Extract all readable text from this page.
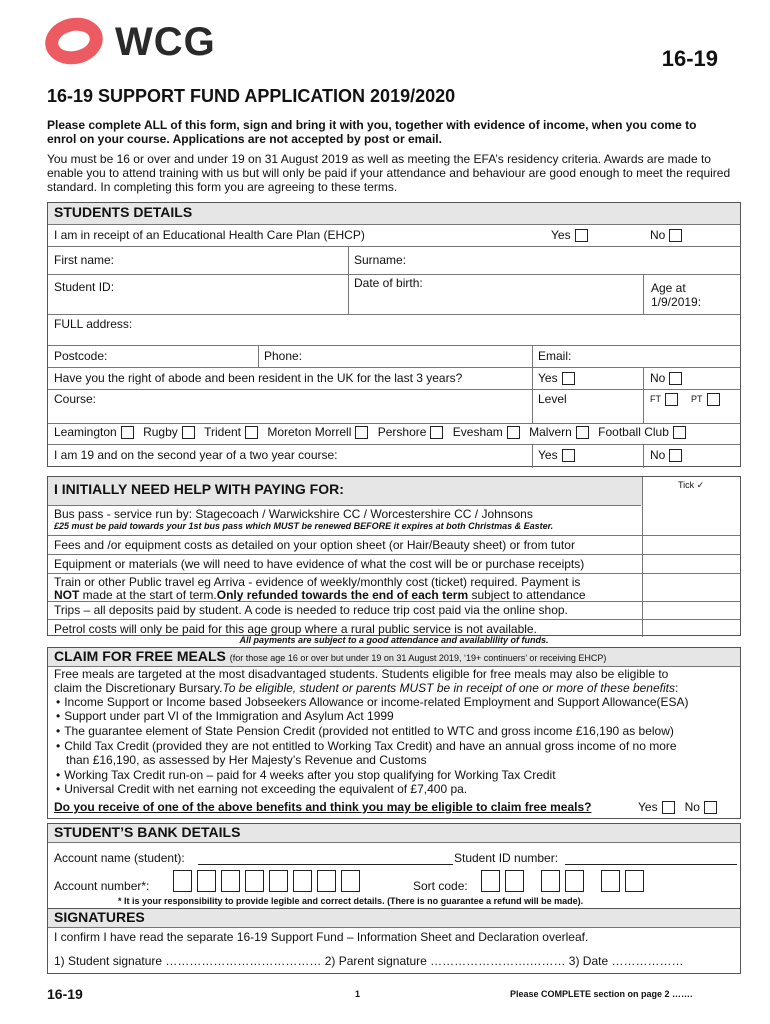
WCG	16-19
16-19 SUPPORT FUND APPLICATION 2019/2020
Please complete ALL of this form, sign and bring it with you, together with evidence of income, when you come to enrol on your course. Applications are not accepted by post or email.
You must be 16 or over and under 19 on 31 August 2019 as well as meeting the EFA’s residency criteria. Awards are made to enable you to attend training with us but will only be paid if your attendance and behaviour are good enough to meet the required standard. In completing this form you are agreeing to these terms.
STUDENTS DETAILS
I am in receipt of an Educational Health Care Plan (EHCP)	Yes	No
First name:	Surname:
Student ID:	Date of birth:	Age at 1/9/2019:
FULL address:
Postcode:	Phone:	Email:
Have you the right of abode and been resident in the UK for the last 3 years?	Yes	No
Course:	Level	FT	PT
Leamington Rugby Trident Moreton Morrell Pershore Evesham Malvern Football Club
I am 19 and on the second year of a two year course:	Yes	No
I INITIALLY NEED HELP WITH PAYING FOR:	Tick ✓
Bus pass - service run by: Stagecoach / Warwickshire CC / Worcestershire CC / Johnsons
£25 must be paid towards your 1st bus pass which MUST be renewed BEFORE it expires at both Christmas & Easter.
Fees and /or equipment costs as detailed on your option sheet (or Hair/Beauty sheet) or from tutor
Equipment or materials (we will need to have evidence of what the cost will be or purchase receipts)
Train or other Public travel eg Arriva - evidence of weekly/monthly cost (ticket) required. Payment is
NOT made at the start of term.Only refunded towards the end of each term subject to attendance
Trips – all deposits paid by student. A code is needed to reduce trip cost paid via the online shop.
Petrol costs will only be paid for this age group where a rural public service is not available.
All payments are subject to a good attendance and availablility of funds.
CLAIM FOR FREE MEALS (for those age 16 or over but under 19 on 31 August 2019, ‘19+ continuers’ or receiving EHCP)
Free meals are targeted at the most disadvantaged students. Students eligible for free meals may also be eligible to
claim the Discretionary Bursary.To be eligible, student or parents MUST be in receipt of one or more of these benefits:
• Income Support or Income based Jobseekers Allowance or income-related Employment and Support Allowance(ESA)
• Support under part VI of the Immigration and Asylum Act 1999
• The guarantee element of State Pension Credit (provided not entitled to WTC and gross income £16,190 as below)
• Child Tax Credit (provided they are not entitled to Working Tax Credit) and have an annual gross income of no more
than £16,190, as assessed by Her Majesty’s Revenue and Customs
• Working Tax Credit run-on – paid for 4 weeks after you stop qualifying for Working Tax Credit
• Universal Credit with net earning not exceeding the equivalent of £7,400 pa.
Do you receive of one of the above benefits and think you may be eligible to claim free meals?	Yes No
STUDENT’S BANK DETAILS
Account name (student):	Student ID number:
Account number*:	Sort code:
* It is your responsibility to provide legible and correct details. (There is no guarantee a refund will be made).
SIGNATURES
I confirm I have read the separate 16-19 Support Fund – Information Sheet and Declaration overleaf.
1) Student signature ………………………………… 2) Parent signature …………………….……… 3) Date ………………
16-19	1	Please COMPLETE section on page 2 …….
